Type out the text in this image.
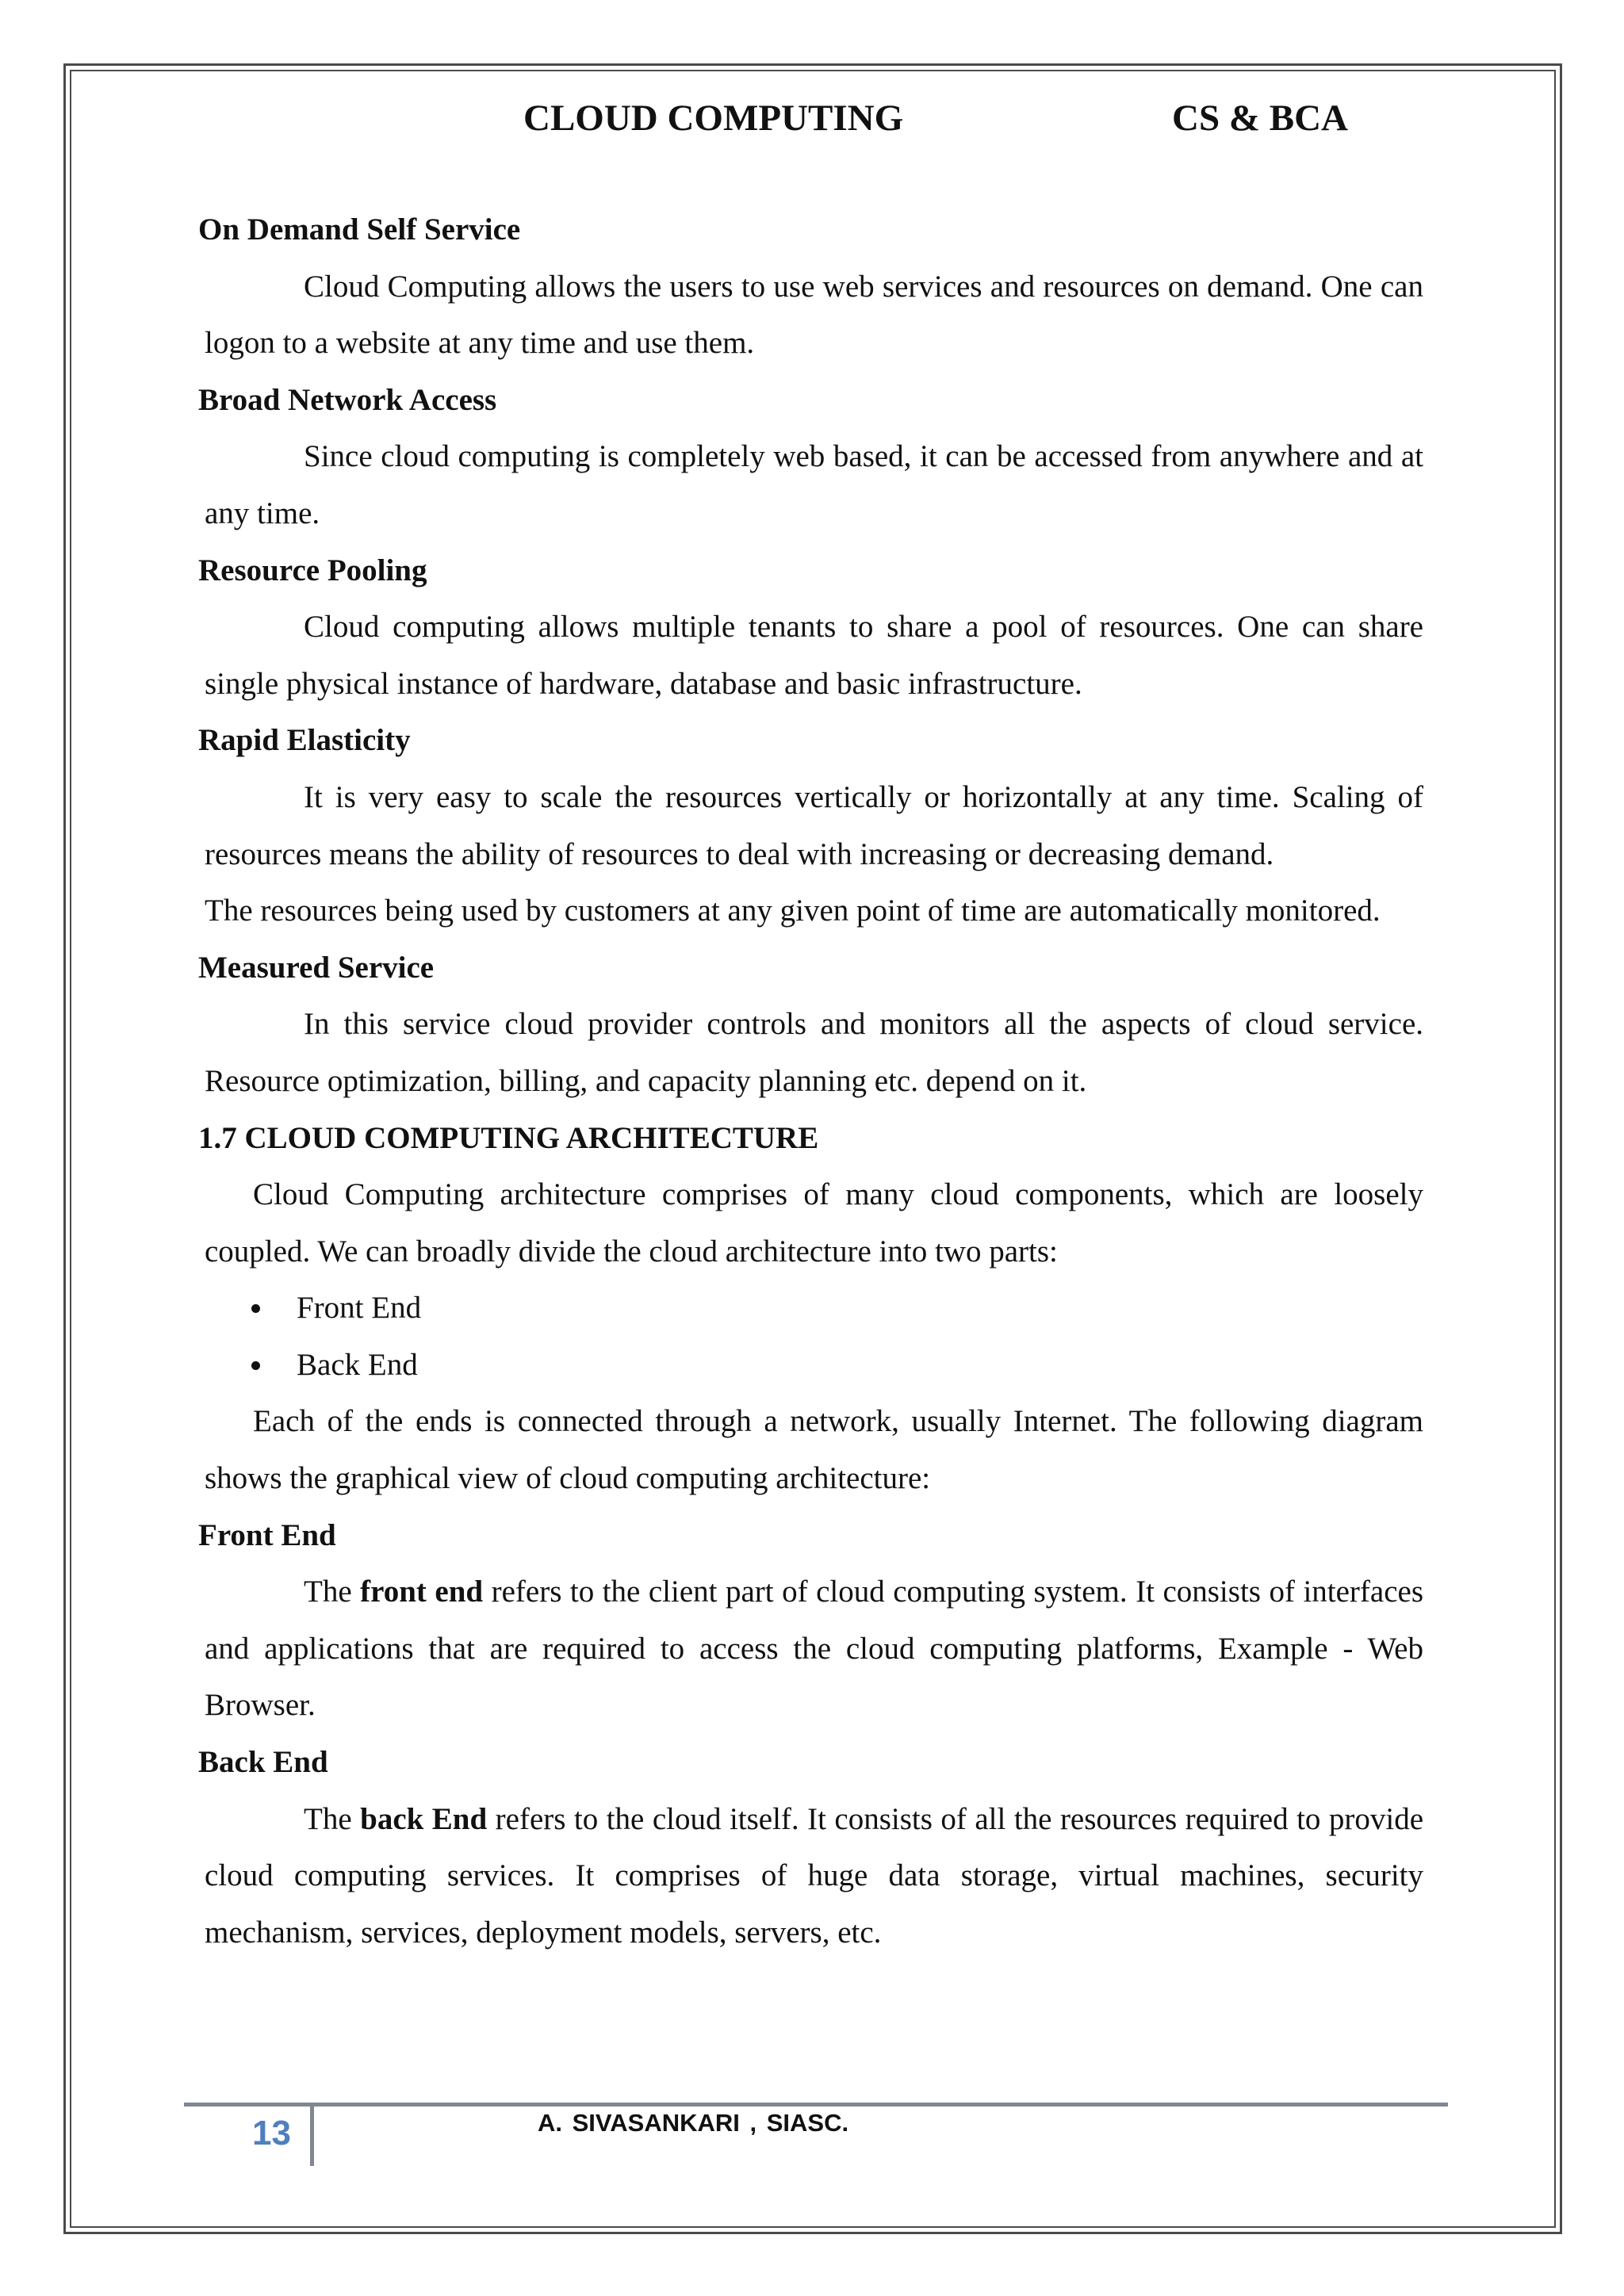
CLOUD COMPUTING	CS & BCA

On Demand Self Service

Cloud Computing allows the users to use web services and resources on demand. One can logon to a website at any time and use them.

Broad Network Access

Since cloud computing is completely web based, it can be accessed from anywhere and at any time.

Resource Pooling

Cloud computing allows multiple tenants to share a pool of resources. One can share single physical instance of hardware, database and basic infrastructure.

Rapid Elasticity

It is very easy to scale the resources vertically or horizontally at any time. Scaling of resources means the ability of resources to deal with increasing or decreasing demand.

The resources being used by customers at any given point of time are automatically monitored.

Measured Service

In this service cloud provider controls and monitors all the aspects of cloud service. Resource optimization, billing, and capacity planning etc. depend on it.

1.7 CLOUD COMPUTING ARCHITECTURE

Cloud Computing architecture comprises of many cloud components, which are loosely coupled. We can broadly divide the cloud architecture into two parts:

Front End
Back End

Each of the ends is connected through a network, usually Internet. The following diagram shows the graphical view of cloud computing architecture:

Front End

The front end refers to the client part of cloud computing system. It consists of interfaces and applications that are required to access the cloud computing platforms, Example - Web Browser.

Back End

The back End refers to the cloud itself. It consists of all the resources required to provide cloud computing services. It comprises of huge data storage, virtual machines, security mechanism, services, deployment models, servers, etc.

13	A. SIVASANKARI , SIASC.
